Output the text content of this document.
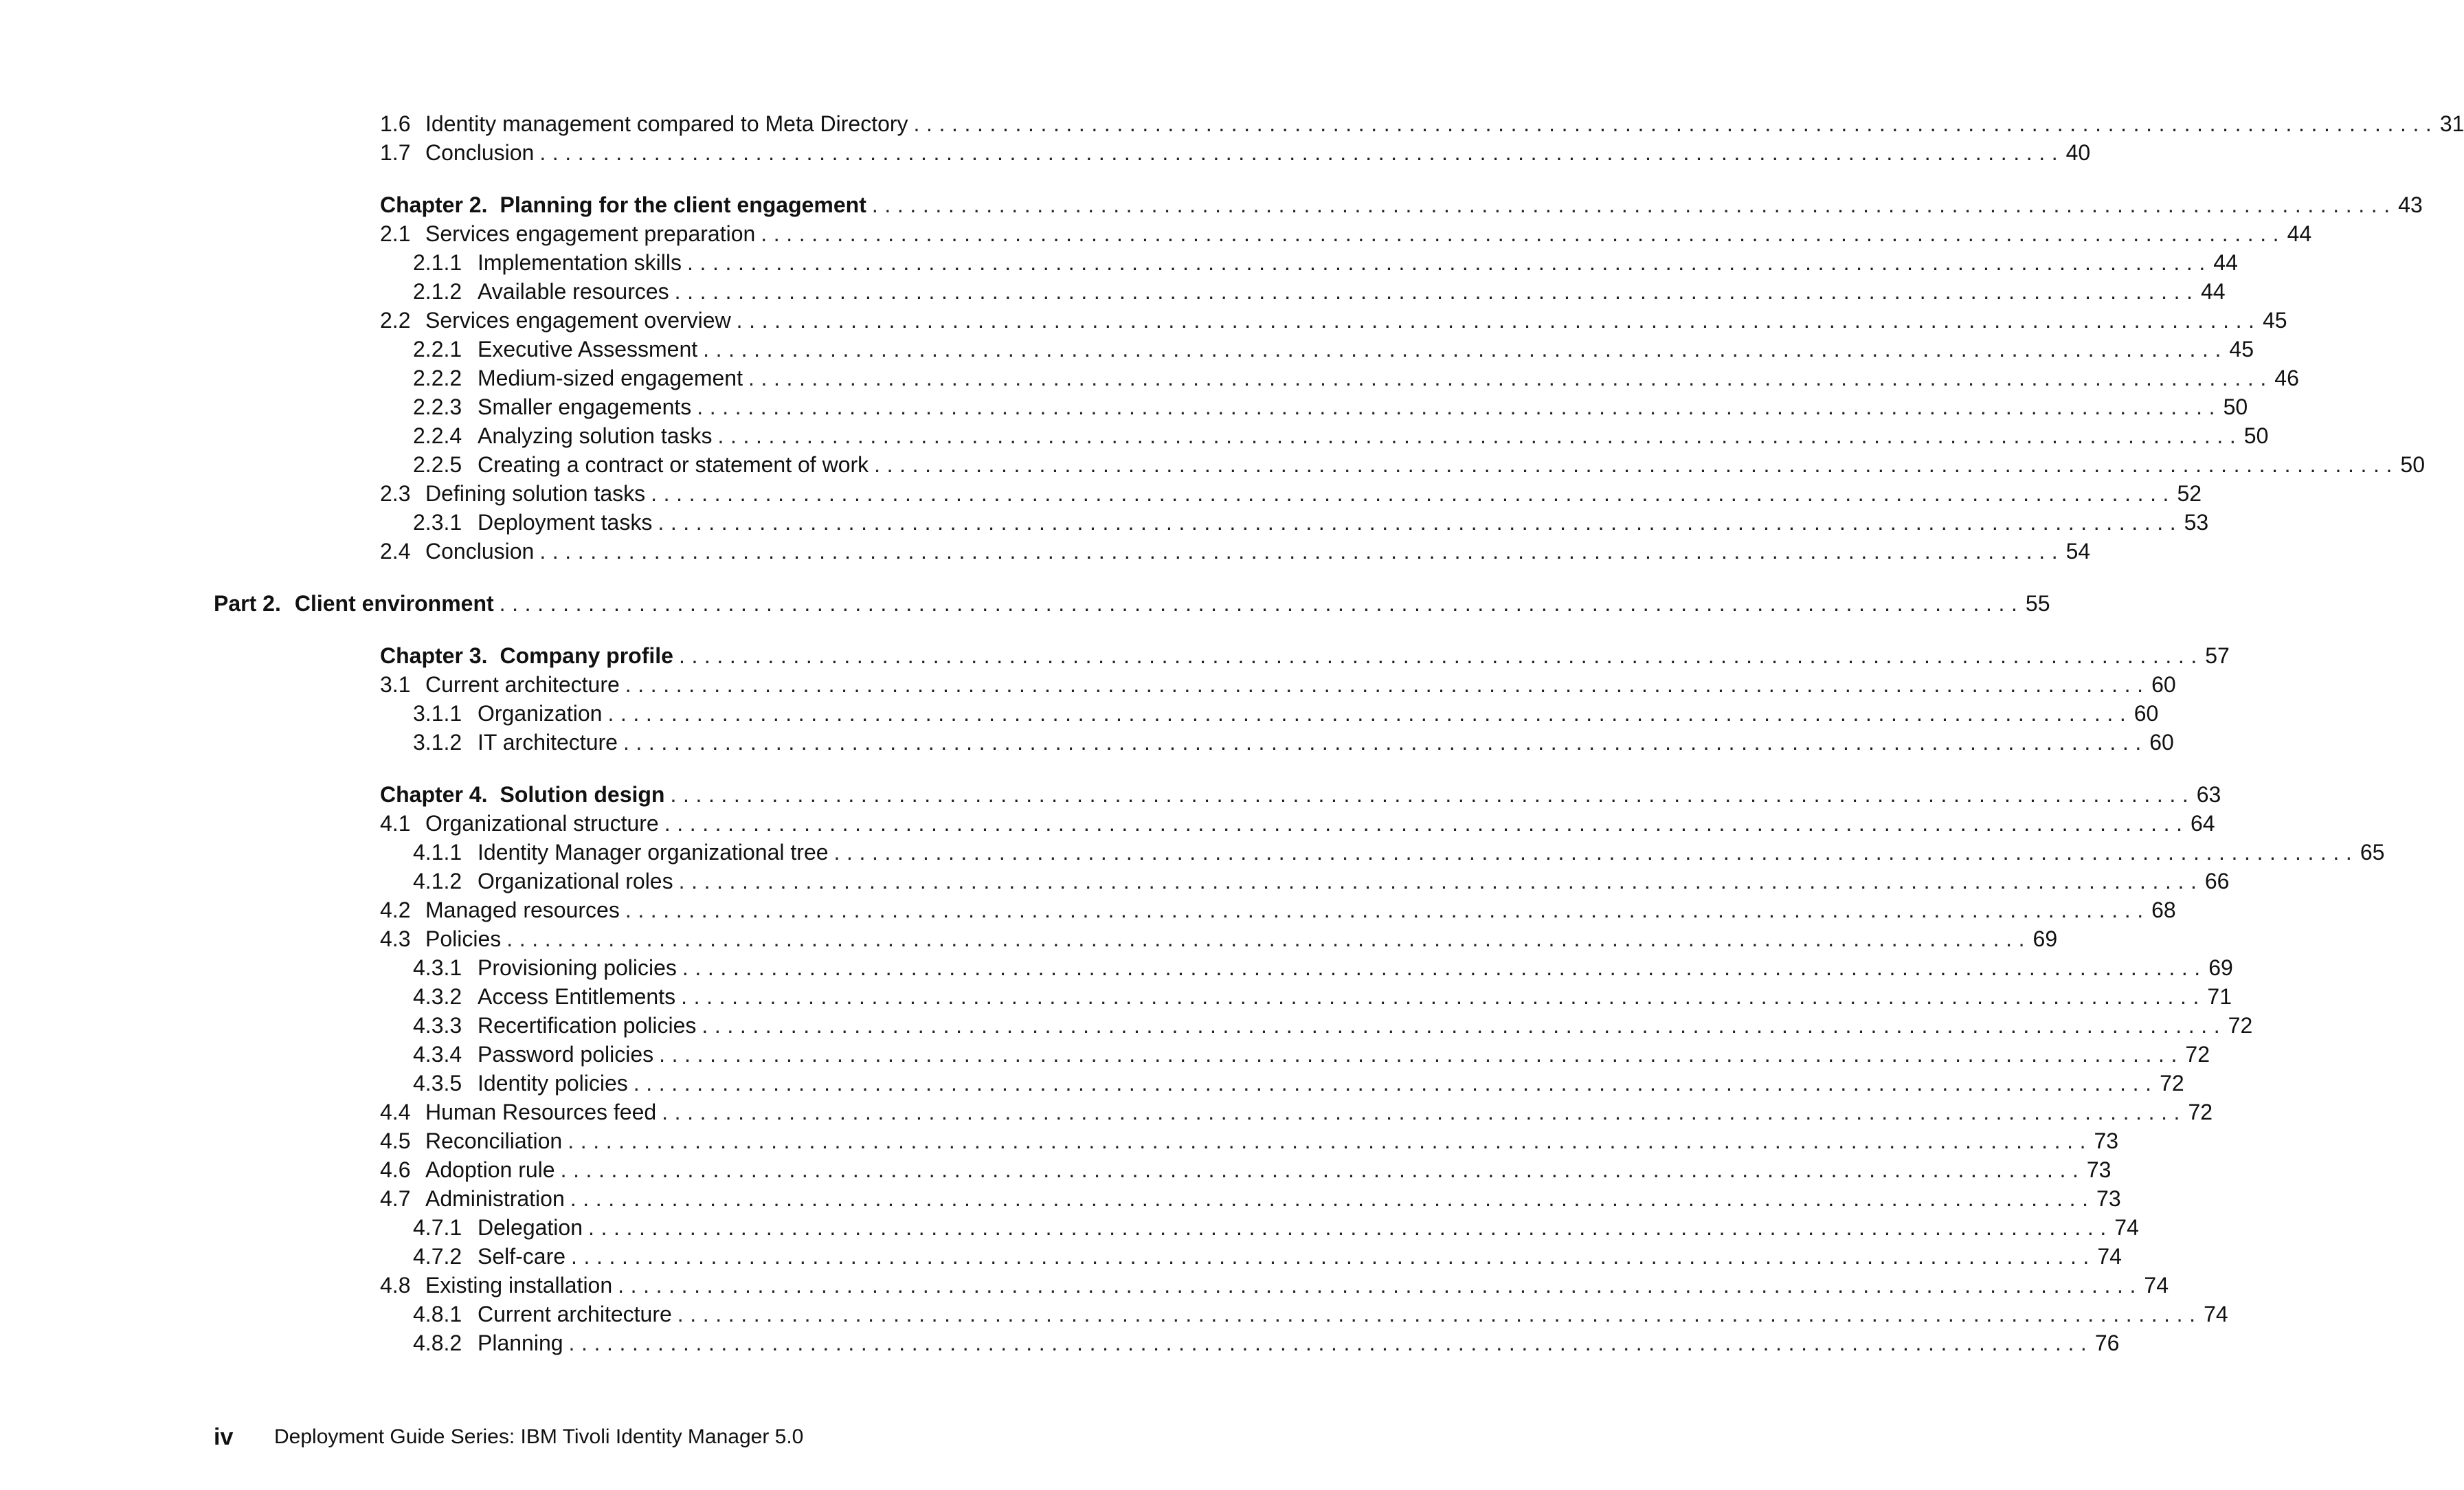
1.6 Identity management compared to Meta Directory ........................................................................................................................ 31
1.7 Conclusion ........................................................................................................................ 40
Chapter 2. Planning for the client engagement ........................................................................................................................ 43
2.1 Services engagement preparation ........................................................................................................................ 44
2.1.1 Implementation skills ........................................................................................................................ 44
2.1.2 Available resources ........................................................................................................................ 44
2.2 Services engagement overview ........................................................................................................................ 45
2.2.1 Executive Assessment ........................................................................................................................ 45
2.2.2 Medium-sized engagement ........................................................................................................................ 46
2.2.3 Smaller engagements ........................................................................................................................ 50
2.2.4 Analyzing solution tasks ........................................................................................................................ 50
2.2.5 Creating a contract or statement of work ........................................................................................................................ 50
2.3 Defining solution tasks ........................................................................................................................ 52
2.3.1 Deployment tasks ........................................................................................................................ 53
2.4 Conclusion ........................................................................................................................ 54
Part 2. Client environment ........................................................................................................................ 55
Chapter 3. Company profile ........................................................................................................................ 57
3.1 Current architecture ........................................................................................................................ 60
3.1.1 Organization ........................................................................................................................ 60
3.1.2 IT architecture ........................................................................................................................ 60
Chapter 4. Solution design ........................................................................................................................ 63
4.1 Organizational structure ........................................................................................................................ 64
4.1.1 Identity Manager organizational tree ........................................................................................................................ 65
4.1.2 Organizational roles ........................................................................................................................ 66
4.2 Managed resources ........................................................................................................................ 68
4.3 Policies ........................................................................................................................ 69
4.3.1 Provisioning policies ........................................................................................................................ 69
4.3.2 Access Entitlements ........................................................................................................................ 71
4.3.3 Recertification policies ........................................................................................................................ 72
4.3.4 Password policies ........................................................................................................................ 72
4.3.5 Identity policies ........................................................................................................................ 72
4.4 Human Resources feed ........................................................................................................................ 72
4.5 Reconciliation ........................................................................................................................ 73
4.6 Adoption rule ........................................................................................................................ 73
4.7 Administration ........................................................................................................................ 73
4.7.1 Delegation ........................................................................................................................ 74
4.7.2 Self-care ........................................................................................................................ 74
4.8 Existing installation ........................................................................................................................ 74
4.8.1 Current architecture ........................................................................................................................ 74
4.8.2 Planning ........................................................................................................................ 76
iv	Deployment Guide Series: IBM Tivoli Identity Manager 5.0
